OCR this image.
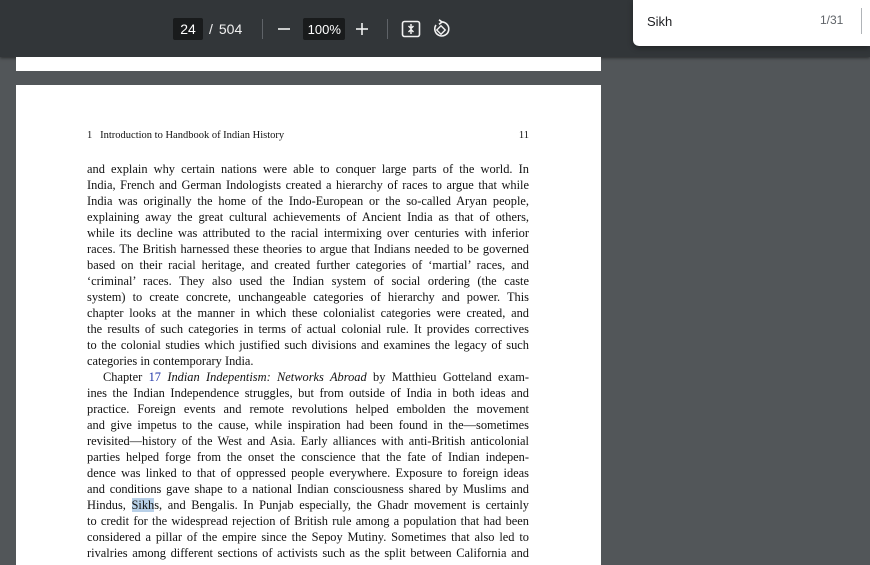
24
/ 504
100%
Sikh
1/31
1   Introduction to Handbook of Indian History	11
and explain why certain nations were able to conquer large parts of the world. In
India, French and German Indologists created a hierarchy of races to argue that while
India was originally the home of the Indo-European or the so-called Aryan people,
explaining away the great cultural achievements of Ancient India as that of others,
while its decline was attributed to the racial intermixing over centuries with inferior
races. The British harnessed these theories to argue that Indians needed to be governed
based on their racial heritage, and created further categories of ‘martial’ races, and
‘criminal’ races. They also used the Indian system of social ordering (the caste
system) to create concrete, unchangeable categories of hierarchy and power. This
chapter looks at the manner in which these colonialist categories were created, and
the results of such categories in terms of actual colonial rule. It provides correctives
to the colonial studies which justified such divisions and examines the legacy of such
categories in contemporary India.
Chapter 17 Indian Indepentism: Networks Abroad by Matthieu Gotteland exam-
ines the Indian Independence struggles, but from outside of India in both ideas and
practice. Foreign events and remote revolutions helped embolden the movement
and give impetus to the cause, while inspiration had been found in the—sometimes
revisited—history of the West and Asia. Early alliances with anti-British anticolonial
parties helped forge from the onset the conscience that the fate of Indian indepen-
dence was linked to that of oppressed people everywhere. Exposure to foreign ideas
and conditions gave shape to a national Indian consciousness shared by Muslims and
Hindus, Sikhs, and Bengalis. In Punjab especially, the Ghadr movement is certainly
to credit for the widespread rejection of British rule among a population that had been
considered a pillar of the empire since the Sepoy Mutiny. Sometimes that also led to
rivalries among different sections of activists such as the split between California and
